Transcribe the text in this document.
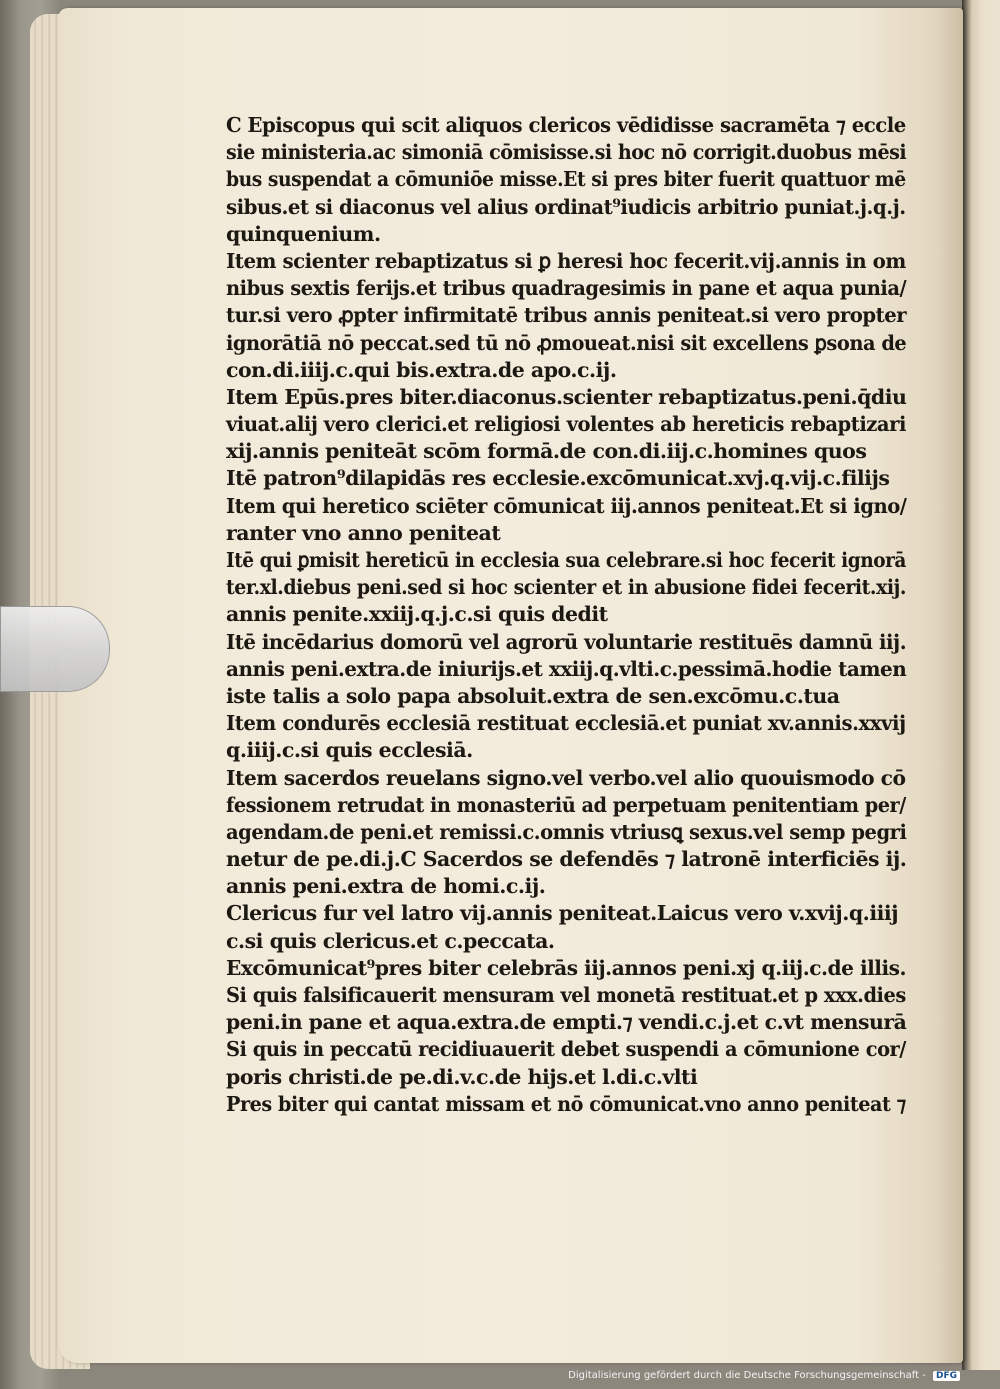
C Episcopus qui scit aliquos clericos vēdidisse sacramēta ⁊ eccle
sie ministeria.ac simoniā cōmisisse.si hoc nō corrigit.duobus mēsi
bus suspendat a cōmuniōe misse.Et si pres biter fuerit quattuor mē
sibus.et si diaconus vel alius ordinat⁹iudicis arbitrio puniat.j.q.j.
quinquenium.
Item scienter rebaptizatus si ꝑ heresi hoc fecerit.vij.annis in om
nibus sextis ferijs.et tribus quadragesimis in pane et aqua punia/
tur.si vero ꝓpter infirmitatē tribus annis peniteat.si vero propter
ignorātiā nō peccat.sed tū nō ꝓmoueat.nisi sit excellens ꝑsona de
con.di.iiij.c.qui bis.extra.de apo.c.ij.
Item Epūs.pres biter.diaconus.scienter rebaptizatus.peni.q̄diu
viuat.alij vero clerici.et religiosi volentes ab hereticis rebaptizari
xij.annis peniteāt scōm formā.de con.di.iij.c.homines quos
Itē patron⁹dilapidās res ecclesie.excōmunicat.xvj.q.vij.c.filijs
Item qui heretico sciēter cōmunicat iij.annos peniteat.Et si igno/
ranter vno anno peniteat
Itē qui ꝑmisit hereticū in ecclesia sua celebrare.si hoc fecerit ignorā
ter.xl.diebus peni.sed si hoc scienter et in abusione fidei fecerit.xij.
annis penite.xxiij.q.j.c.si quis dedit
Itē incēdarius domorū vel agrorū voluntarie restituēs damnū iij.
annis peni.extra.de iniurijs.et xxiij.q.vlti.c.pessimā.hodie tamen
iste talis a solo papa absoluit.extra de sen.excōmu.c.tua
Item condurēs ecclesiā restituat ecclesiā.et puniat xv.annis.xxvij
q.iiij.c.si quis ecclesiā.
Item sacerdos reuelans signo.vel verbo.vel alio quouismodo cō
fessionem retrudat in monasteriū ad perpetuam penitentiam per/
agendam.de peni.et remissi.c.omnis vtriusꝗ sexus.vel semp pegri
netur de pe.di.j.C Sacerdos se defendēs ⁊ latronē interficiēs ij.
annis peni.extra de homi.c.ij.
Clericus fur vel latro vij.annis peniteat.Laicus vero v.xvij.q.iiij
c.si quis clericus.et c.peccata.
Excōmunicat⁹pres biter celebrās iij.annos peni.xj q.iij.c.de illis.
Si quis falsificauerit mensuram vel monetā restituat.et p xxx.dies
peni.in pane et aqua.extra.de empti.⁊ vendi.c.j.et c.vt mensurā
Si quis in peccatū recidiuauerit debet suspendi a cōmunione cor/
poris christi.de pe.di.v.c.de hijs.et l.di.c.vlti
Pres biter qui cantat missam et nō cōmunicat.vno anno peniteat ⁊
Digitalisierung gefördert durch die Deutsche Forschungsgemeinschaft - DFG
